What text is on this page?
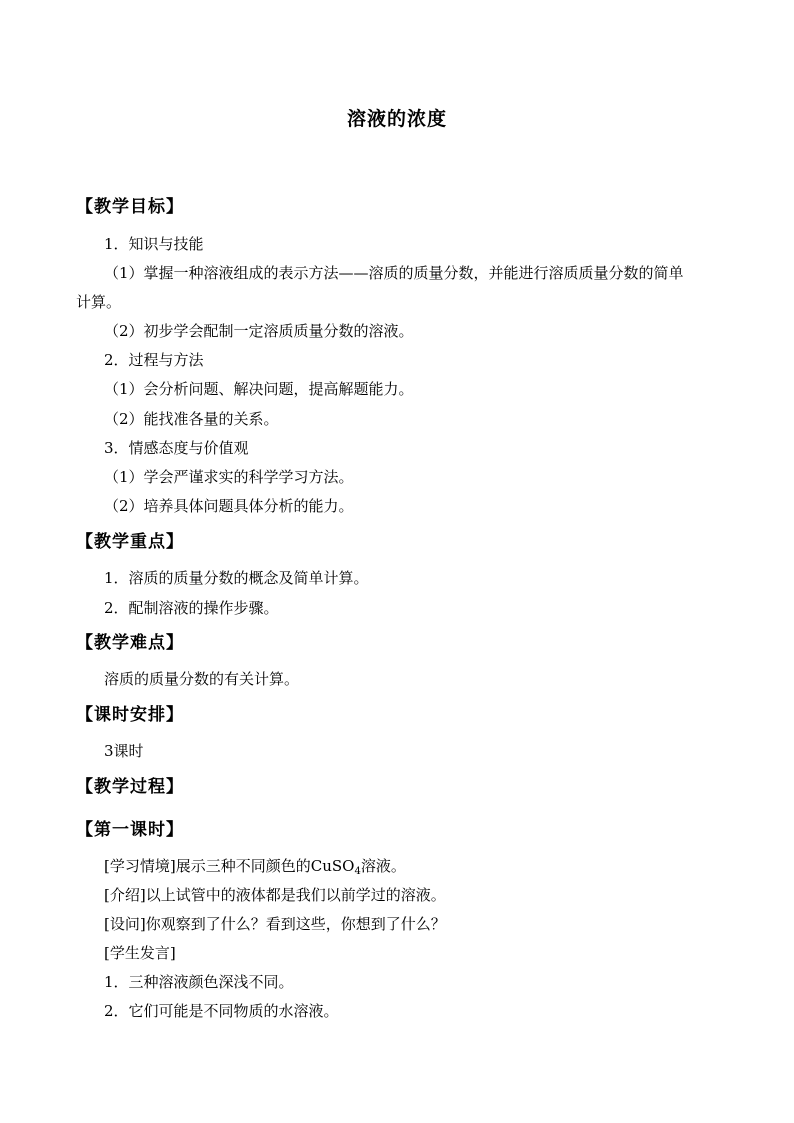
溶液的浓度
【教学目标】
1．知识与技能
（1）掌握一种溶液组成的表示方法——溶质的质量分数，并能进行溶质质量分数的简单
计算。
（2）初步学会配制一定溶质质量分数的溶液。
2．过程与方法
（1）会分析问题、解决问题，提高解题能力。
（2）能找准各量的关系。
3．情感态度与价值观
（1）学会严谨求实的科学学习方法。
（2）培养具体问题具体分析的能力。
【教学重点】
1．溶质的质量分数的概念及简单计算。
2．配制溶液的操作步骤。
【教学难点】
溶质的质量分数的有关计算。
【课时安排】
3课时
【教学过程】
【第一课时】
[学习情境]展示三种不同颜色的CuSO$_4$溶液。
[介绍]以上试管中的液体都是我们以前学过的溶液。
[设问]你观察到了什么？看到这些，你想到了什么？
[学生发言]
1．三种溶液颜色深浅不同。
2．它们可能是不同物质的水溶液。
